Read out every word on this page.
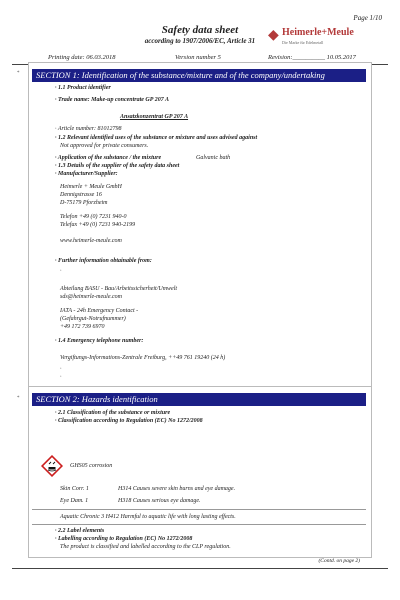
Page 1/10
Safety data sheet
according to 1907/2006/EC, Article 31 ◆ Heimerle+Meule
Die Marke für Edelmetall
Printing date: 06.03.2018	Version number 5	Revision:__________ 10.05.2017
*	SECTION 1: Identification of the substance/mixture and of the company/undertaking
· 1.1 Product identifier
· Trade name: Make-up concentrate GP 207 A
Ansatzkonzentrat GP 207 A
· Article number: 81012798
· 1.2 Relevant identified uses of the substance or mixture and uses advised against
Not approved for private consumers.
· Application of the substance / the mixture	Galvanic bath
· 1.3 Details of the supplier of the safety data sheet
· Manufacturer/Supplier:
Heimerle + Meule GmbH
Dennigstrasse 16
D-75179 Pforzheim
Telefon +49 (0) 7231 940-0
Telefax +49 (0) 7231 940-2199
www.heimerle-meule.com
· Further information obtainable from:
·
Abteilung BASU - Bau/Arbeitssicherheit/Umwelt
sds@heimerle-meule.com
IATA - 24h Emergency Contact -
(Gefahrgut-Notrufnummer)
+49 172 739 6970
· 1.4 Emergency telephone number:
Vergiftungs-Informations-Zentrale Freiburg, ++49 761 19240 (24 h)
·
·
*	SECTION 2: Hazards identification
· 2.1 Classification of the substance or mixture
· Classification according to Regulation (EC) No 1272/2008
GHS05 corrosion
Skin Corr. 1	H314 Causes severe skin burns and eye damage.
Eye Dam. 1	H318 Causes serious eye damage.
Aquatic Chronic 3 H412 Harmful to aquatic life with long lasting effects.
· 2.2 Label elements
· Labelling according to Regulation (EC) No 1272/2008
The product is classified and labelled according to the CLP regulation.
(Contd. on page 2)
